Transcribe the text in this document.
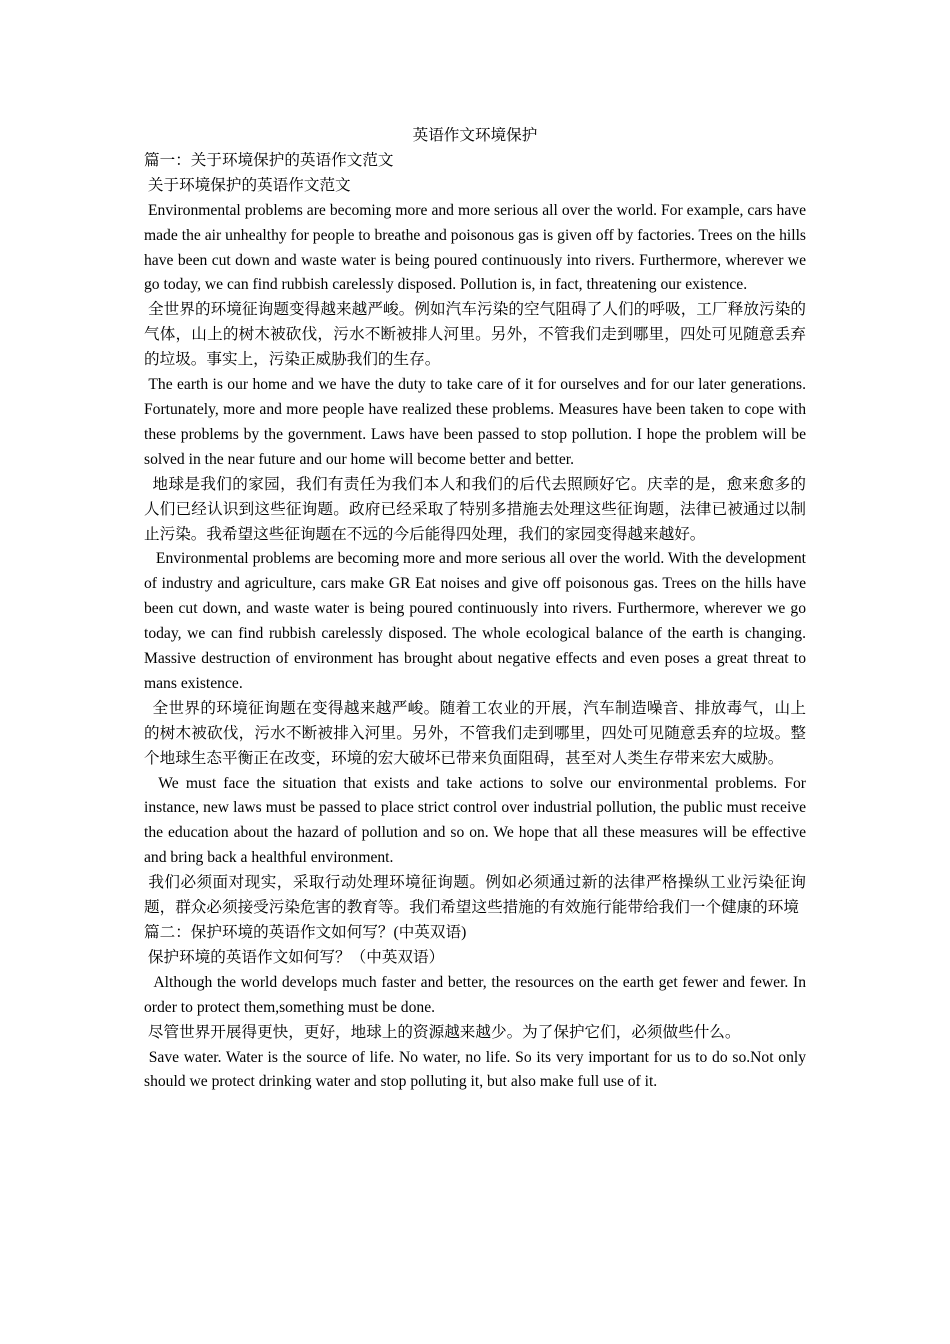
英语作文环境保护

篇一：关于环境保护的英语作文范文

关于环境保护的英语作文范文

Environmental problems are becoming more and more serious all over the world. For example, cars have made the air unhealthy for people to breathe and poisonous gas is given off by factories. Trees on the hills have been cut down and waste water is being poured continuously into rivers. Furthermore, wherever we go today, we can find rubbish carelessly disposed. Pollution is, in fact, threatening our existence.

全世界的环境征询题变得越来越严峻。例如汽车污染的空气阻碍了人们的呼吸，工厂释放污染的气体，山上的树木被砍伐，污水不断被排人河里。另外，不管我们走到哪里，四处可见随意丢弃的垃圾。事实上，污染正威胁我们的生存。

The earth is our home and we have the duty to take care of it for ourselves and for our later generations. Fortunately, more and more people have realized these problems. Measures have been taken to cope with these problems by the government. Laws have been passed to stop pollution. I hope the problem will be solved in the near future and our home will become better and better.

地球是我们的家园，我们有责任为我们本人和我们的后代去照顾好它。庆幸的是，愈来愈多的人们已经认识到这些征询题。政府已经采取了特别多措施去处理这些征询题，法律已被通过以制止污染。我希望这些征询题在不远的今后能得四处理，我们的家园变得越来越好。

Environmental problems are becoming more and more serious all over the world. With the development of industry and agriculture, cars make GR Eat noises and give off poisonous gas. Trees on the hills have been cut down, and waste water is being poured continuously into rivers. Furthermore, wherever we go today, we can find rubbish carelessly disposed. The whole ecological balance of the earth is changing. Massive destruction of environment has brought about negative effects and even poses a great threat to mans existence.

全世界的环境征询题在变得越来越严峻。随着工农业的开展，汽车制造噪音、排放毒气，山上的树木被砍伐，污水不断被排入河里。另外，不管我们走到哪里，四处可见随意丢弃的垃圾。整个地球生态平衡正在改变，环境的宏大破坏已带来负面阻碍，甚至对人类生存带来宏大威胁。

We must face the situation that exists and take actions to solve our environmental problems. For instance, new laws must be passed to place strict control over industrial pollution, the public must receive the education about the hazard of pollution and so on. We hope that all these measures will be effective and bring back a healthful environment.

我们必须面对现实，采取行动处理环境征询题。例如必须通过新的法律严格操纵工业污染征询题，群众必须接受污染危害的教育等。我们希望这些措施的有效施行能带给我们一个健康的环境

篇二：保护环境的英语作文如何写？(中英双语)

保护环境的英语作文如何写？（中英双语）

Although the world develops much faster and better, the resources on the earth get fewer and fewer. In order to protect them,something must be done.

尽管世界开展得更快，更好，地球上的资源越来越少。为了保护它们，必须做些什么。

Save water. Water is the source of life. No water, no life. So its very important for us to do so.Not only should we protect drinking water and stop polluting it, but also make full use of it.
